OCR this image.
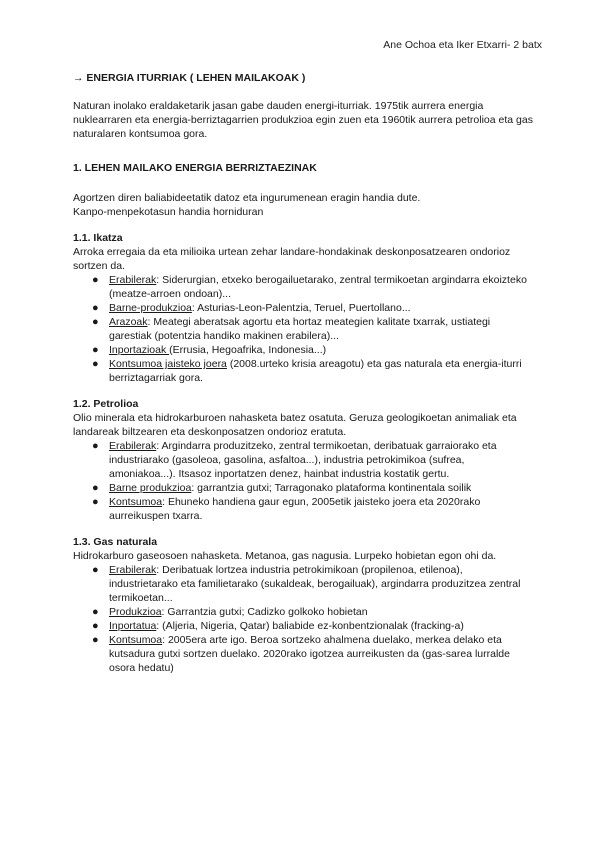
Ane Ochoa eta Iker Etxarri- 2 batx
→ ENERGIA ITURRIAK ( LEHEN MAILAKOAK )

Naturan inolako eraldaketarik jasan gabe dauden energi-iturriak. 1975tik aurrera energia nuklearraren eta energia-berriztagarrien produkzioa egin zuen eta 1960tik aurrera petrolioa eta gas naturalaren kontsumoa gora.

1. LEHEN MAILAKO ENERGIA BERRIZTAEZINAK

Agortzen diren baliabideetatik datoz eta ingurumenean eragin handia dute.

Kanpo-menpekotasun handia horniduran

1.1. Ikatza

Arroka erregaia da eta milioika urtean zehar landare-hondakinak deskonposatzearen ondorioz sortzen da.

● Erabilerak: Siderurgian, etxeko berogailuetarako, zentral termikoetan argindarra ekoizteko (meatze-arroen ondoan)...
● Barne-produkzioa: Asturias-Leon-Palentzia, Teruel, Puertollano...
● Arazoak: Meategi aberatsak agortu eta hortaz meategien kalitate txarrak, ustiategi garestiak (potentzia handiko makinen erabilera)...
● Inportazioak (Errusia, Hegoafrika, Indonesia...)
● Kontsumoa jaisteko joera (2008.urteko krisia areagotu) eta gas naturala eta energia-iturri berriztagarriak gora.
1.2. Petrolioa

Olio minerala eta hidrokarburoen nahasketa batez osatuta. Geruza geologikoetan animaliak eta landareak biltzearen eta deskonposatzen ondorioz eratuta.

● Erabilerak: Argindarra produzitzeko, zentral termikoetan, deribatuak garraiorako eta industriarako (gasoleoa, gasolina, asfaltoa...), industria petrokimikoa (sufrea, amoniakoa...). Itsasoz inportatzen denez, hainbat industria kostatik gertu.
● Barne produkzioa: garrantzia gutxi; Tarragonako plataforma kontinentala soilik
● Kontsumoa: Ehuneko handiena gaur egun, 2005etik jaisteko joera eta 2020rako aurreikuspen txarra.
1.3. Gas naturala

Hidrokarburo gaseosoen nahasketa. Metanoa, gas nagusia. Lurpeko hobietan egon ohi da.

● Erabilerak: Deribatuak lortzea industria petrokimikoan (propilenoa, etilenoa), industrietarako eta familietarako (sukaldeak, berogailuak), argindarra produzitzea zentral termikoetan...
● Produkzioa: Garrantzia gutxi; Cadizko golkoko hobietan
● Inportatua: (Aljeria, Nigeria, Qatar) baliabide ez-konbentzionalak (fracking-a)
● Kontsumoa: 2005era arte igo. Beroa sortzeko ahalmena duelako, merkea delako eta kutsadura gutxi sortzen duelako. 2020rako igotzea aurreikusten da (gas-sarea lurralde osora hedatu)
